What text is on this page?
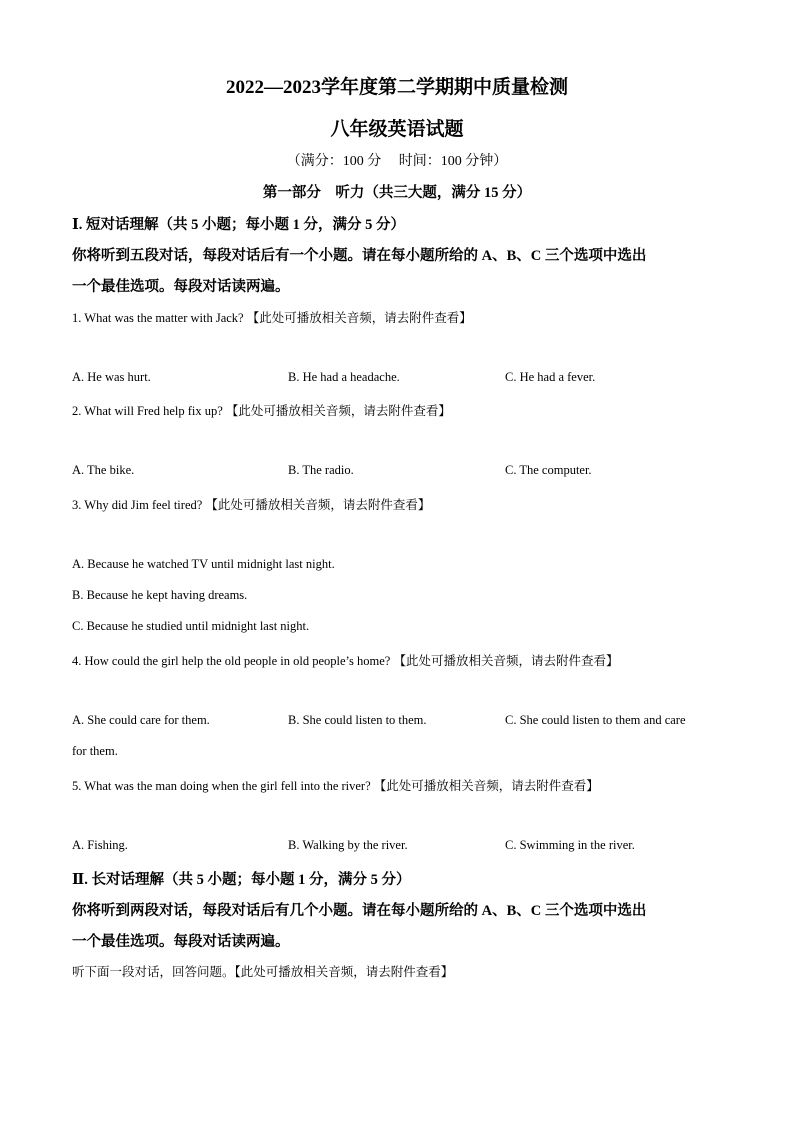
2022—2023学年度第二学期期中质量检测
八年级英语试题
（满分：100 分　 时间：100 分钟）
第一部分　听力（共三大题，满分 15 分）
Ⅰ. 短对话理解（共 5 小题；每小题 1 分，满分 5 分）
你将听到五段对话，每段对话后有一个小题。请在每小题所给的 A、B、C 三个选项中选出
一个最佳选项。每段对话读两遍。
1. What was the matter with Jack? 【此处可播放相关音频，请去附件查看】
A. He was hurt.	B. He had a headache.	C. He had a fever.
2. What will Fred help fix up? 【此处可播放相关音频，请去附件查看】
A. The bike.	B. The radio.	C. The computer.
3. Why did Jim feel tired? 【此处可播放相关音频，请去附件查看】
A. Because he watched TV until midnight last night.
B. Because he kept having dreams.
C. Because he studied until midnight last night.
4. How could the girl help the old people in old people’s home? 【此处可播放相关音频，请去附件查看】
A. She could care for them.	B. She could listen to them.	C. She could listen to them and care
for them.
5. What was the man doing when the girl fell into the river? 【此处可播放相关音频，请去附件查看】
A. Fishing.	B. Walking by the river.	C. Swimming in the river.
Ⅱ. 长对话理解（共 5 小题；每小题 1 分，满分 5 分）
你将听到两段对话，每段对话后有几个小题。请在每小题所给的 A、B、C 三个选项中选出
一个最佳选项。每段对话读两遍。
听下面一段对话，回答问题。【此处可播放相关音频，请去附件查看】
